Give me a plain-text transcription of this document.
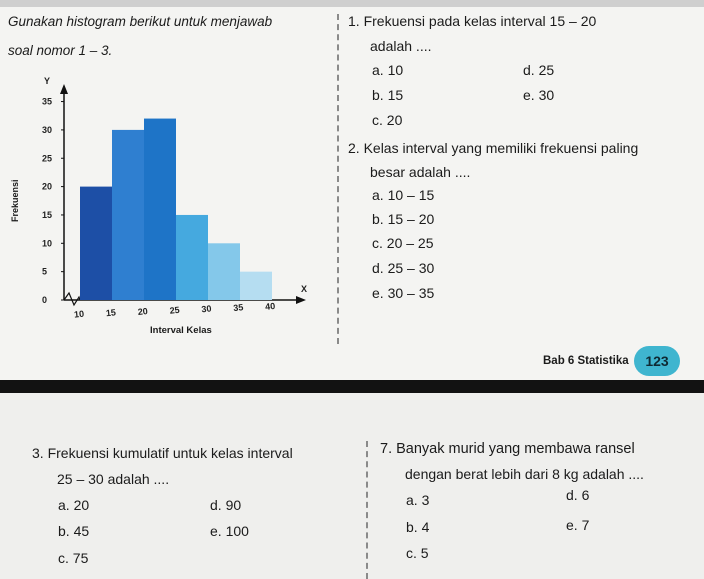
Gunakan histogram berikut untuk menjawab
soal nomor 1 – 3.
0
5
10
15
20
25
30
35
10 15 20 25 30 35 40
Y
X
Interval Kelas
Frekuensi
1. Frekuensi pada kelas interval 15 – 20
adalah ....
a. 10	d. 25
b. 15	e. 30
c. 20
2. Kelas interval yang memiliki frekuensi paling
besar adalah ....
a. 10 – 15
b. 15 – 20
c. 20 – 25
d. 25 – 30
e. 30 – 35
Bab 6 Statistika	123
3. Frekuensi kumulatif untuk kelas interval
25 – 30 adalah ....
a. 20	d. 90
b. 45	e. 100
c. 75
7. Banyak murid yang membawa ransel
dengan berat lebih dari 8 kg adalah ....
a. 3	d. 6
b. 4	e. 7
c. 5
